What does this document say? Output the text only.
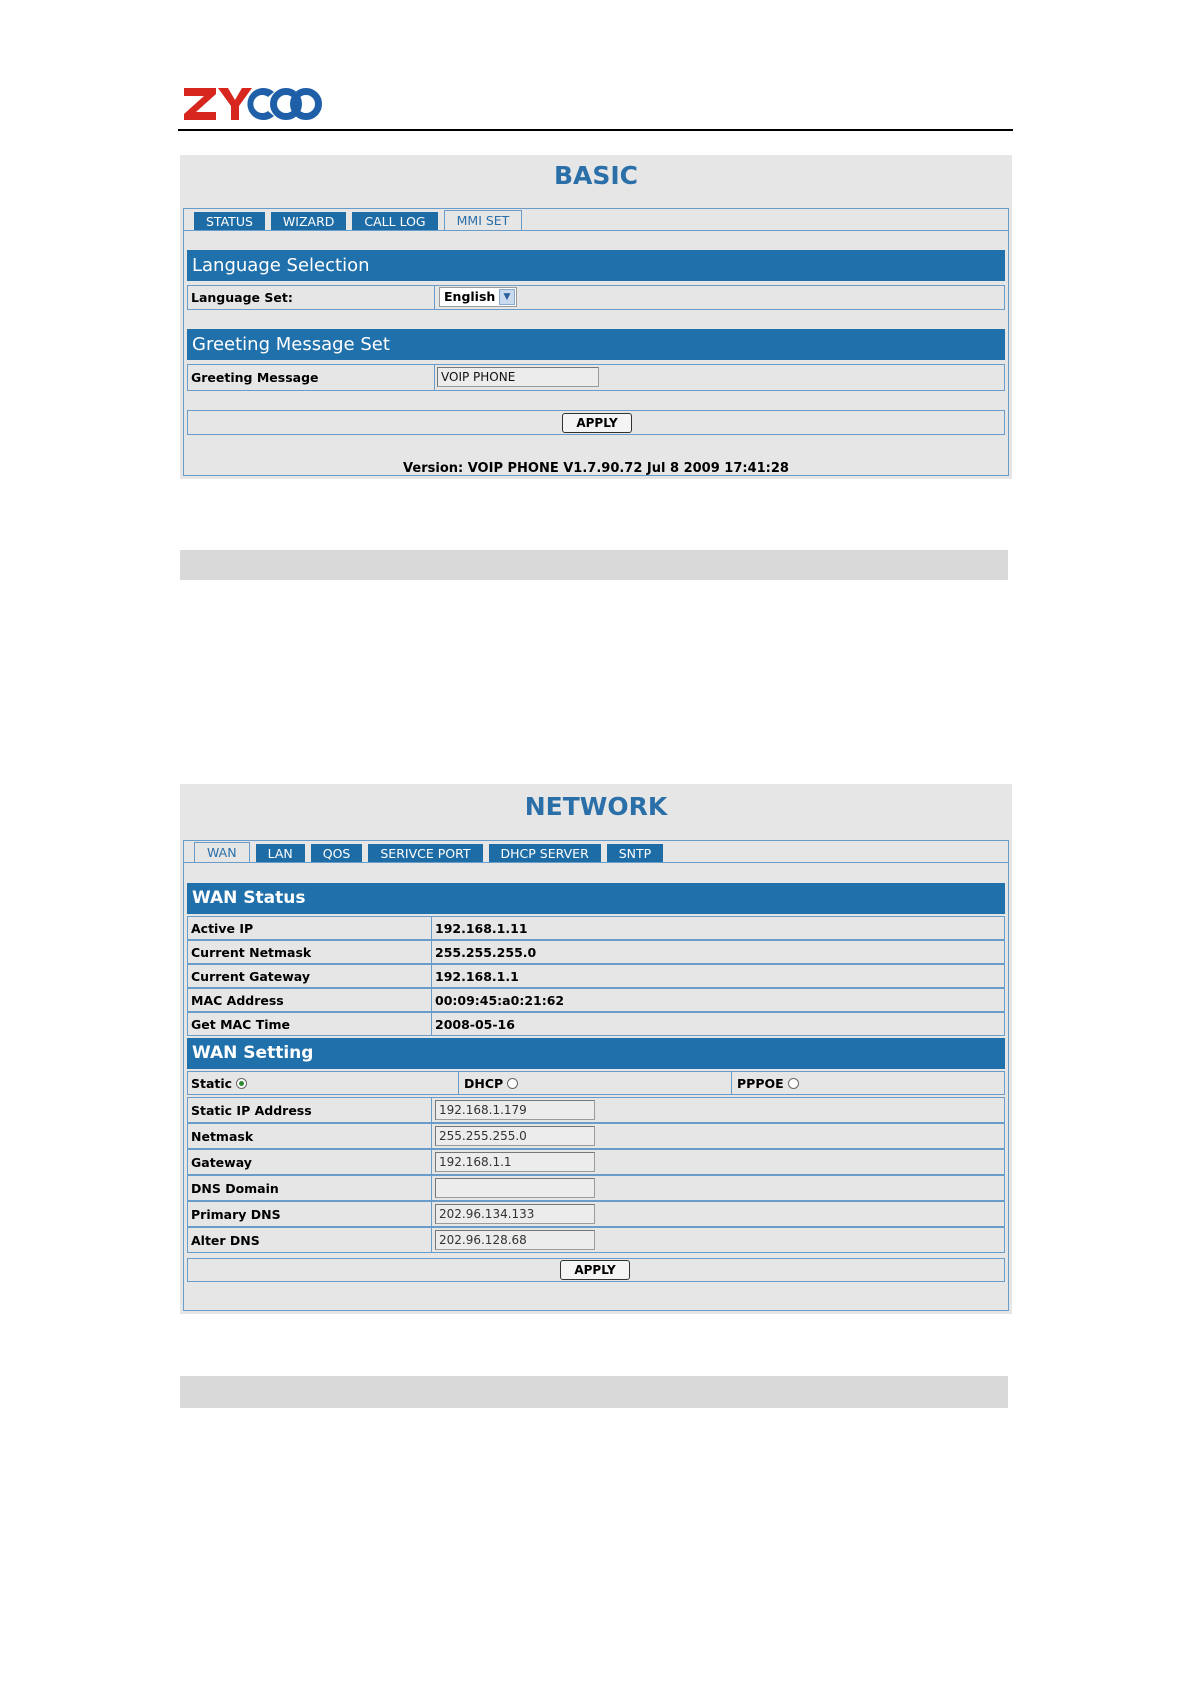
BASIC
STATUS	WIZARD	CALL LOG	MMI SET
Language Selection
Language Set:	English ▼
Greeting Message Set
Greeting Message	VOIP PHONE
APPLY
Version: VOIP PHONE V1.7.90.72 Jul 8 2009 17:41:28
NETWORK
WAN	LAN	QOS	SERIVCE PORT	DHCP SERVER	SNTP
WAN Status
Active IP	192.168.1.11
Current Netmask	255.255.255.0
Current Gateway	192.168.1.1
MAC Address	00:09:45:a0:21:62
Get MAC Time	2008-05-16
WAN Setting
Static	DHCP	PPPOE
Static IP Address	192.168.1.179
Netmask	255.255.255.0
Gateway	192.168.1.1
DNS Domain
Primary DNS	202.96.134.133
Alter DNS	202.96.128.68
APPLY
